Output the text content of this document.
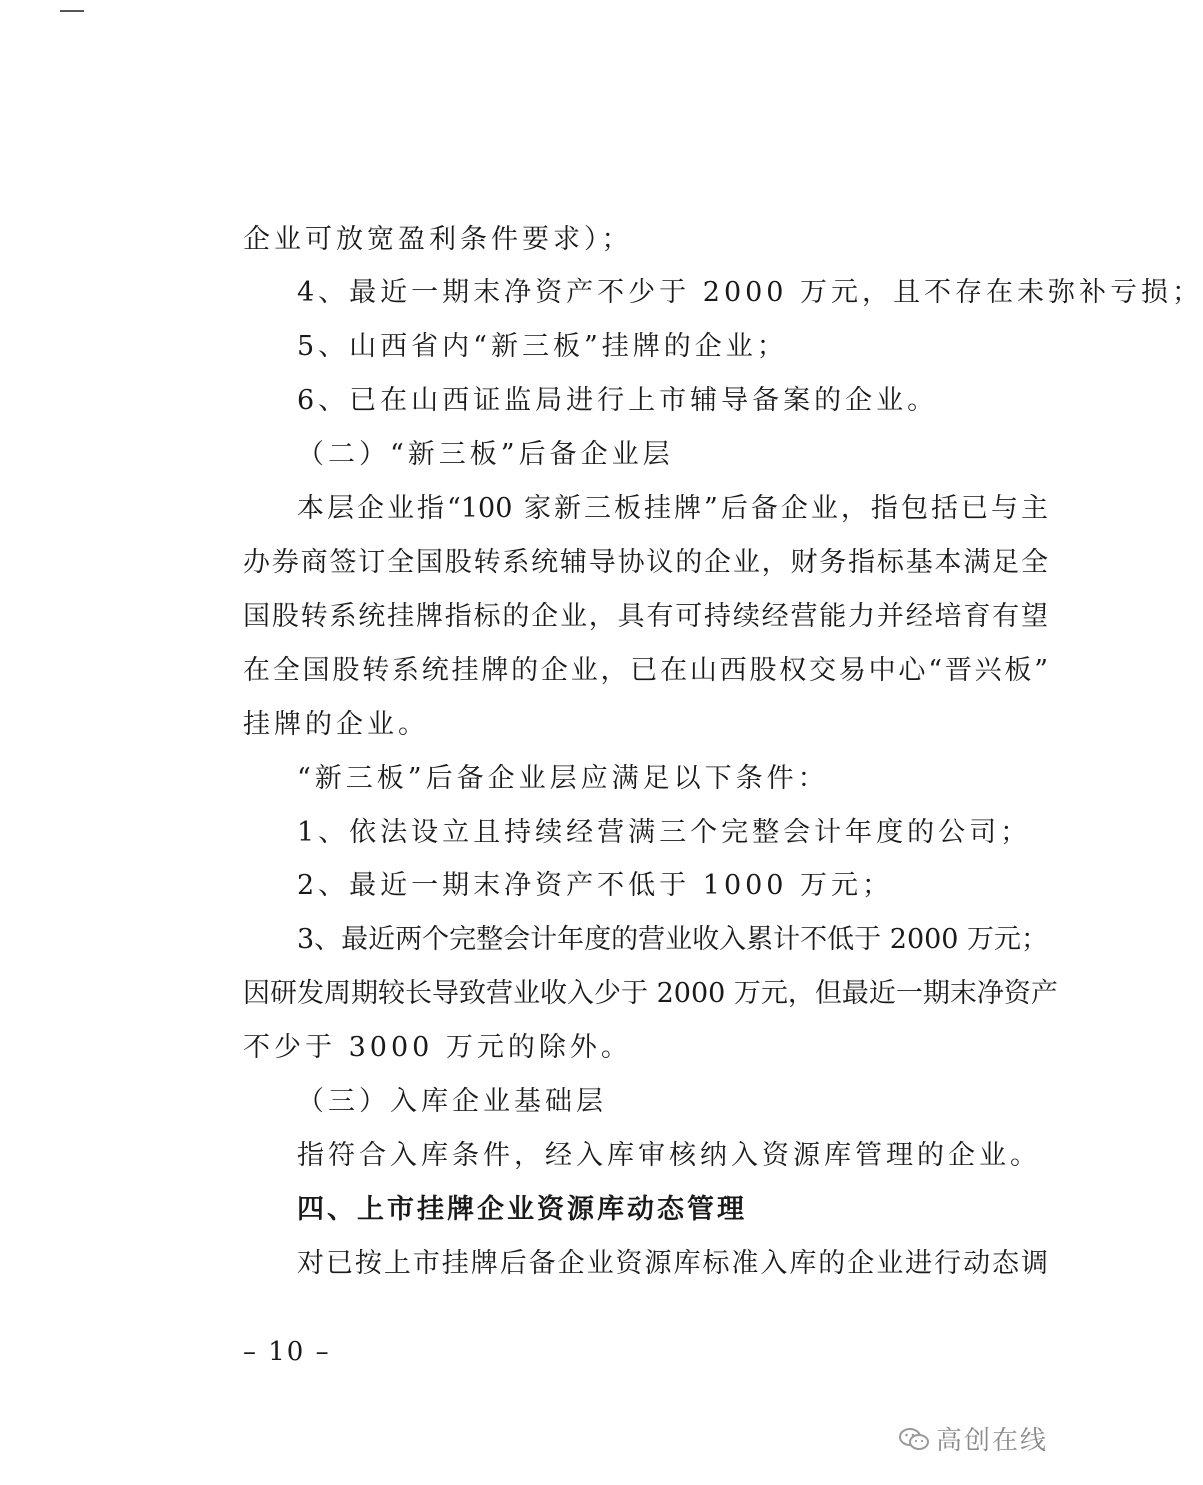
企业可放宽盈利条件要求）；
4、最近一期末净资产不少于 2000 万元，且不存在未弥补亏损；
5、山西省内“新三板”挂牌的企业；
6、已在山西证监局进行上市辅导备案的企业。
（二）“新三板”后备企业层
本层企业指“100 家新三板挂牌”后备企业，指包括已与主
办券商签订全国股转系统辅导协议的企业，财务指标基本满足全
国股转系统挂牌指标的企业，具有可持续经营能力并经培育有望
在全国股转系统挂牌的企业，已在山西股权交易中心“晋兴板”
挂牌的企业。
“新三板”后备企业层应满足以下条件：
1、依法设立且持续经营满三个完整会计年度的公司；
2、最近一期末净资产不低于 1000 万元；
3、最近两个完整会计年度的营业收入累计不低于 2000 万元；
因研发周期较长导致营业收入少于 2000 万元，但最近一期末净资产
不少于 3000 万元的除外。
（三）入库企业基础层
指符合入库条件，经入库审核纳入资源库管理的企业。
四、上市挂牌企业资源库动态管理
对已按上市挂牌后备企业资源库标准入库的企业进行动态调
– 10 –
高创在线
